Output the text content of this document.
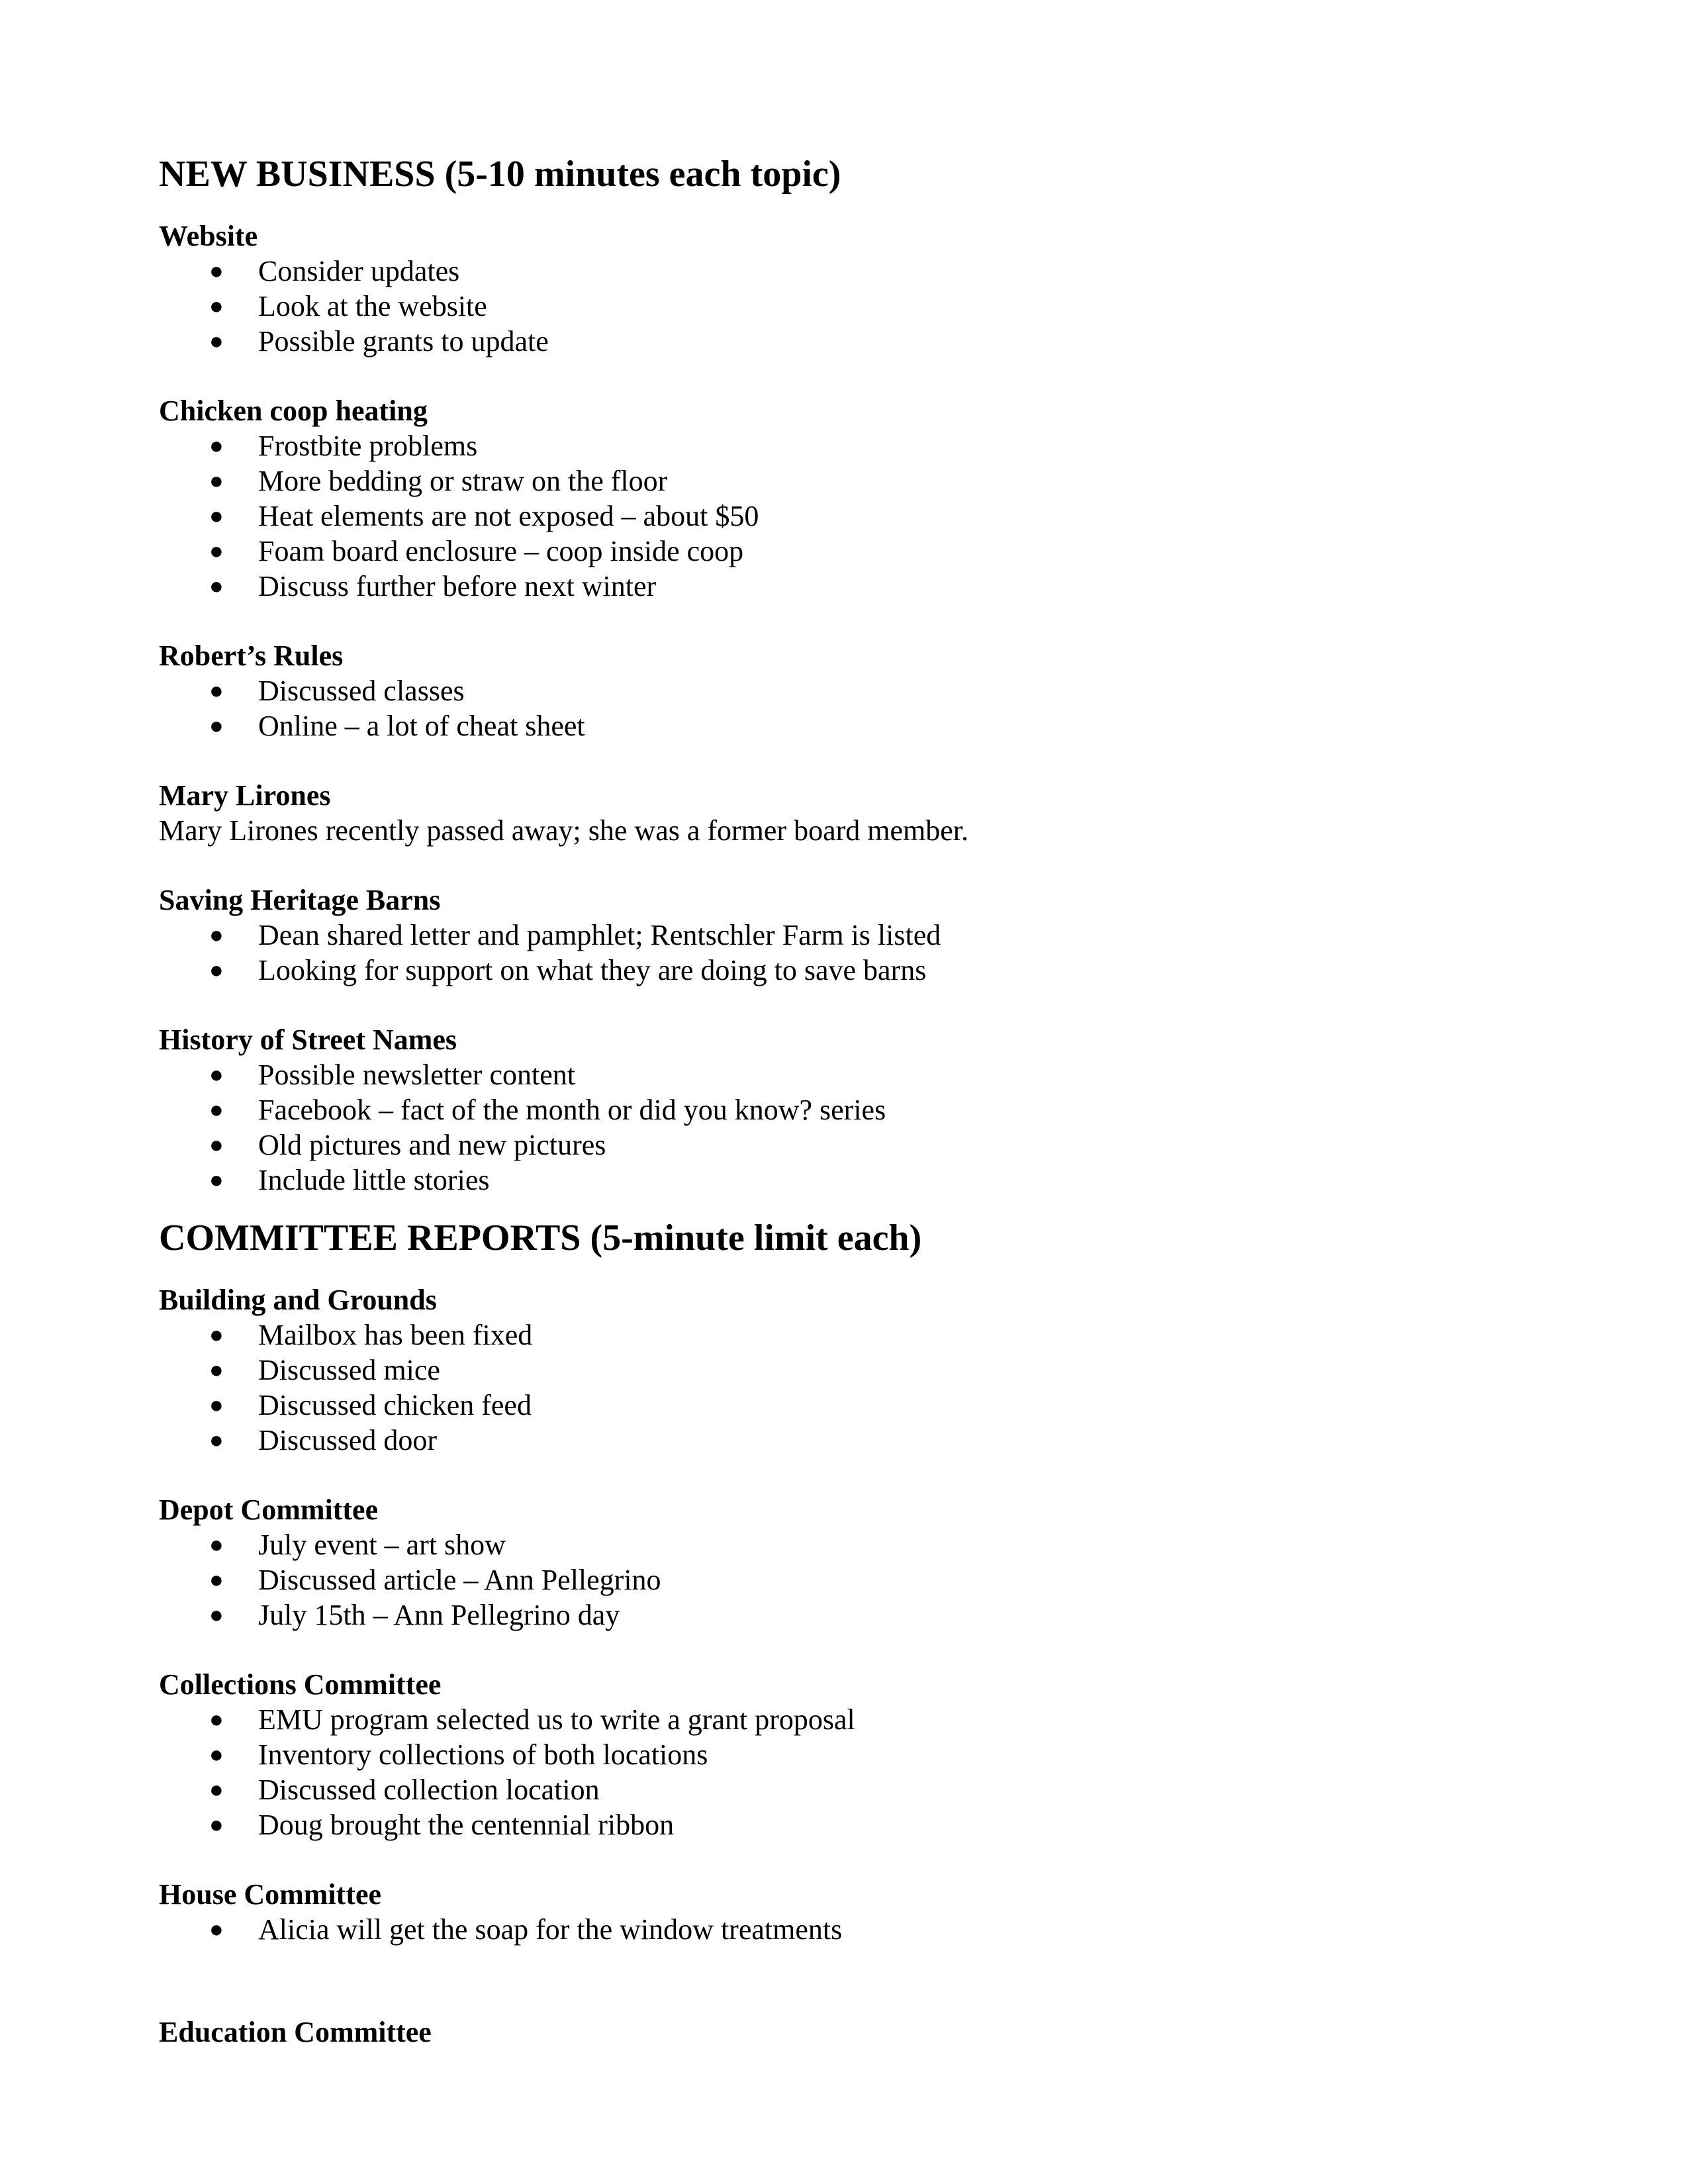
NEW BUSINESS (5-10 minutes each topic)

Website

● Consider updates
● Look at the website
● Possible grants to update

Chicken coop heating

● Frostbite problems
● More bedding or straw on the floor
● Heat elements are not exposed – about $50
● Foam board enclosure – coop inside coop
● Discuss further before next winter

Robert’s Rules

● Discussed classes
● Online – a lot of cheat sheet

Mary Lirones

Mary Lirones recently passed away; she was a former board member.

Saving Heritage Barns

● Dean shared letter and pamphlet; Rentschler Farm is listed
● Looking for support on what they are doing to save barns

History of Street Names

● Possible newsletter content
● Facebook – fact of the month or did you know? series
● Old pictures and new pictures
● Include little stories
COMMITTEE REPORTS (5-minute limit each)

Building and Grounds

● Mailbox has been fixed
● Discussed mice
● Discussed chicken feed
● Discussed door

Depot Committee

● July event – art show
● Discussed article – Ann Pellegrino
● July 15th – Ann Pellegrino day

Collections Committee

● EMU program selected us to write a grant proposal
● Inventory collections of both locations
● Discussed collection location
● Doug brought the centennial ribbon

House Committee

● Alicia will get the soap for the window treatments

Education Committee
